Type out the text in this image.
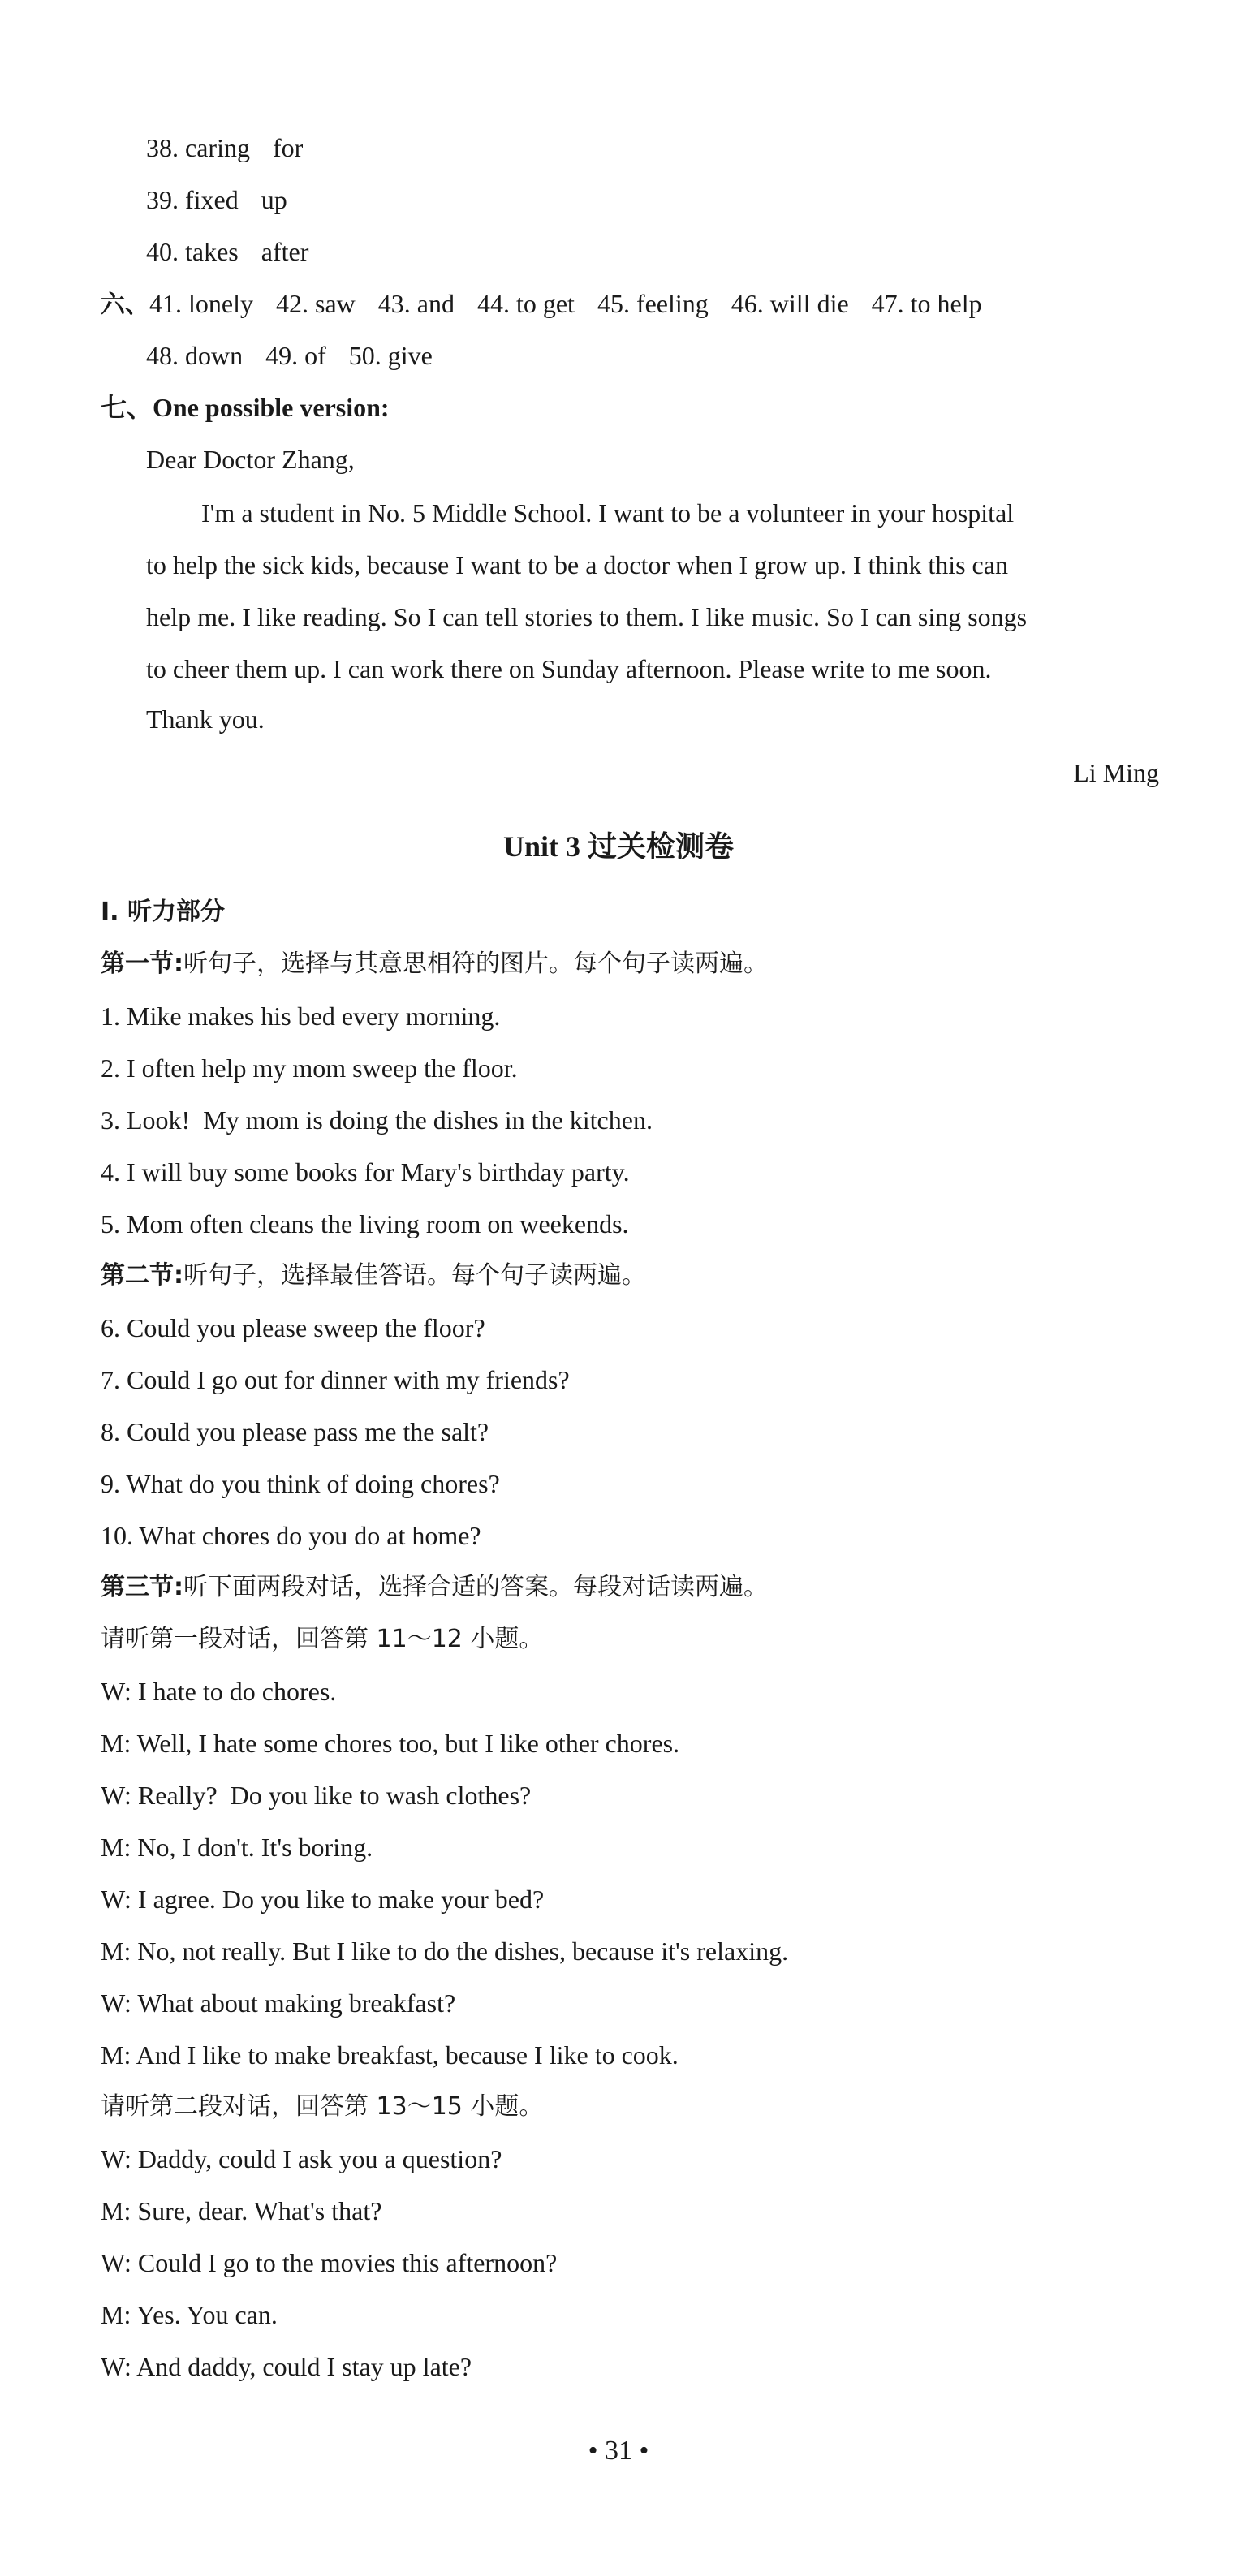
38. caring for
39. fixed up
40. takes after
六、41. lonely 42. saw 43. and 44. to get 45. feeling 46. will die 47. to help
48. down 49. of 50. give
七、One possible version:
Dear Doctor Zhang,
I'm a student in No. 5 Middle School. I want to be a volunteer in your hospital
to help the sick kids, because I want to be a doctor when I grow up. I think this can
help me. I like reading. So I can tell stories to them. I like music. So I can sing songs
to cheer them up. I can work there on Sunday afternoon. Please write to me soon.
Thank you.
Li Ming
Unit 3 过关检测卷
Ⅰ. 听力部分
第一节:听句子，选择与其意思相符的图片。每个句子读两遍。
1. Mike makes his bed every morning.
2. I often help my mom sweep the floor.
3. Look!  My mom is doing the dishes in the kitchen.
4. I will buy some books for Mary's birthday party.
5. Mom often cleans the living room on weekends.
第二节:听句子，选择最佳答语。每个句子读两遍。
6. Could you please sweep the floor?
7. Could I go out for dinner with my friends?
8. Could you please pass me the salt?
9. What do you think of doing chores?
10. What chores do you do at home?
第三节:听下面两段对话，选择合适的答案。每段对话读两遍。
请听第一段对话，回答第 11～12 小题。
W: I hate to do chores.
M: Well, I hate some chores too, but I like other chores.
W: Really?  Do you like to wash clothes?
M: No, I don't. It's boring.
W: I agree. Do you like to make your bed?
M: No, not really. But I like to do the dishes, because it's relaxing.
W: What about making breakfast?
M: And I like to make breakfast, because I like to cook.
请听第二段对话，回答第 13～15 小题。
W: Daddy, could I ask you a question?
M: Sure, dear. What's that?
W: Could I go to the movies this afternoon?
M: Yes. You can.
W: And daddy, could I stay up late?
• 31 •
